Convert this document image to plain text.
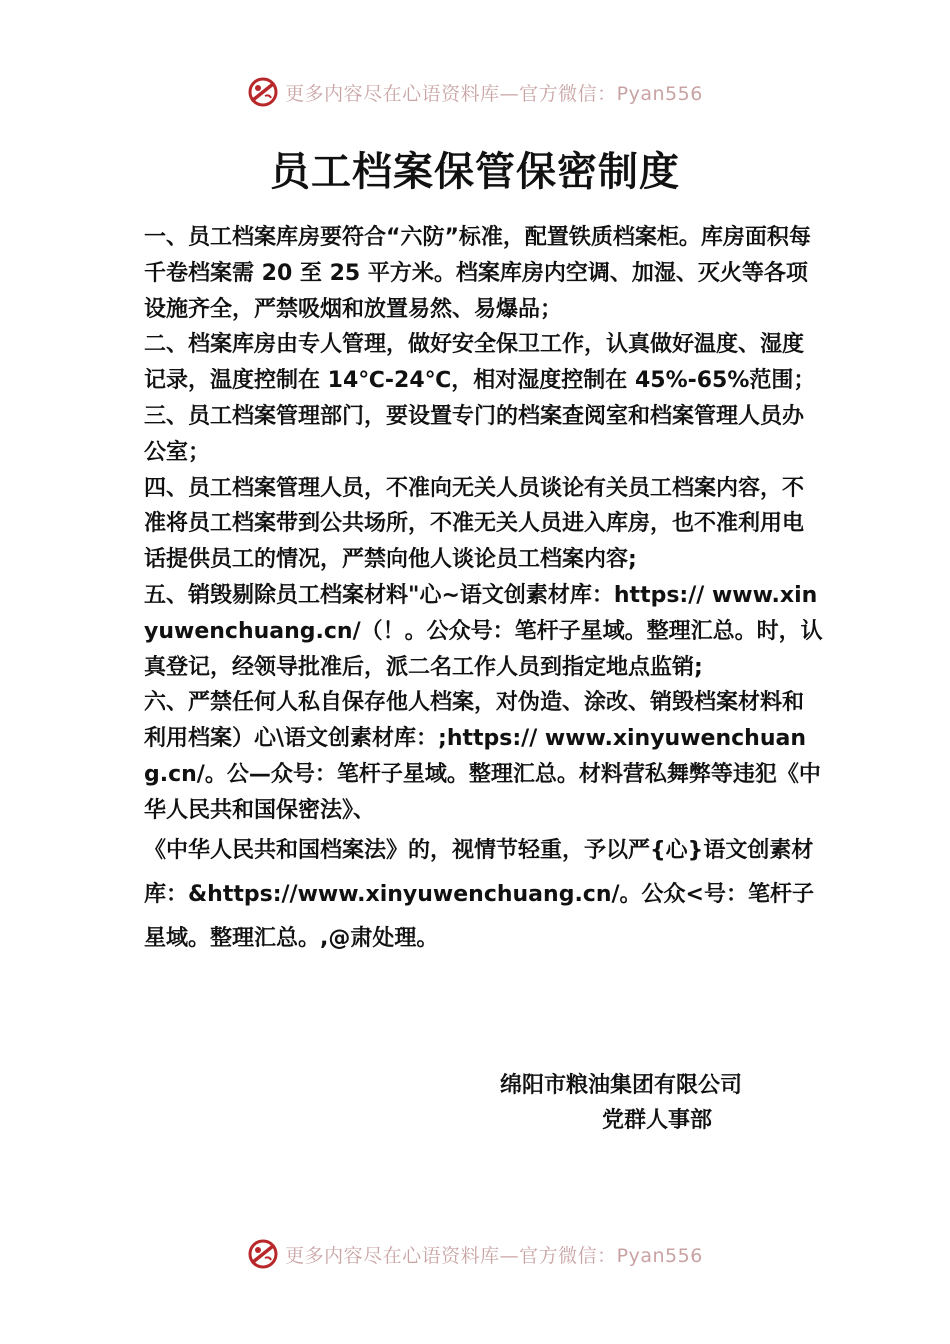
更多内容尽在心语资料库—官方微信：Pyan556
员工档案保管保密制度

一、员工档案库房要符合“六防”标准，配置铁质档案柜。库房面积每千卷档案需 20 至 25 平方米。档案库房内空调、加湿、灭火等各项设施齐全，严禁吸烟和放置易然、易爆品；

二、档案库房由专人管理，做好安全保卫工作，认真做好温度、湿度记录，温度控制在 14℃-24℃，相对湿度控制在 45%-65%范围；

三、员工档案管理部门，要设置专门的档案查阅室和档案管理人员办公室；

四、员工档案管理人员，不准向无关人员谈论有关员工档案内容，不准将员工档案带到公共场所，不准无关人员进入库房，也不准利用电话提供员工的情况，严禁向他人谈论员工档案内容;

五、销毁剔除员工档案材料"心~语文创素材库：https:// www.xinyuwenchuang.cn/（！。公众号：笔杆子星域。整理汇总。时，认真登记，经领导批准后，派二名工作人员到指定地点监销;

六、严禁任何人私自保存他人档案，对伪造、涂改、销毁档案材料和利用档案）心\语文创素材库：;https:// www.xinyuwenchuang.cn/。公—众号：笔杆子星域。整理汇总。材料营私舞弊等违犯《中华人民共和国保密法》、

《中华人民共和国档案法》的，视情节轻重，予以严{心}语文创素材库：&https://www.xinyuwenchuang.cn/。公众<号：笔杆子星域。整理汇总。,@肃处理。

绵阳市粮油集团有限公司
党群人事部
更多内容尽在心语资料库—官方微信：Pyan556
